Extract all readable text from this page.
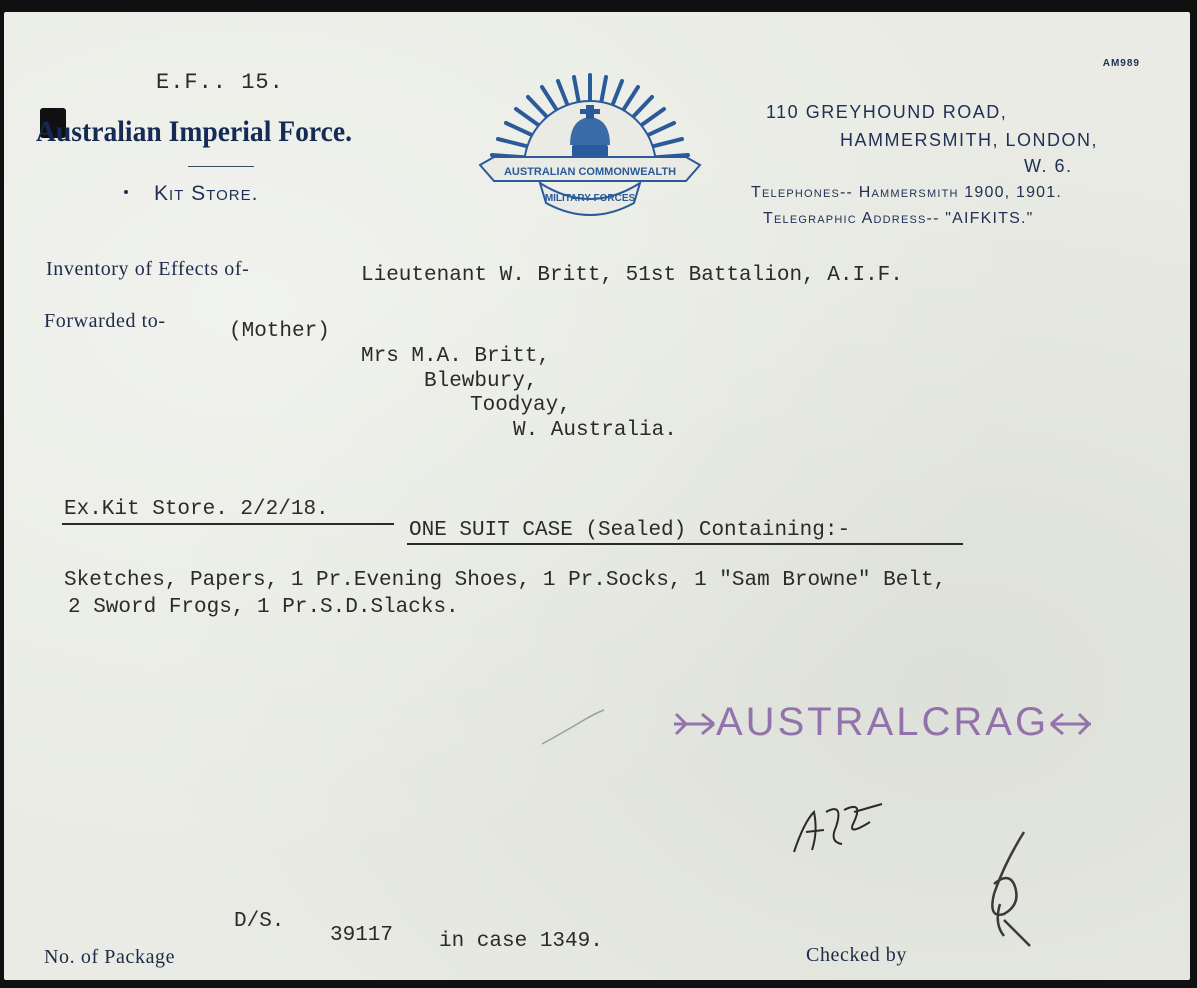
E.F.. 15.
AM989
Australian Imperial Force.
Kit Store.
AUSTRALIAN COMMONWEALTH
MILITARY FORCES
110 GREYHOUND ROAD,
HAMMERSMITH, LONDON,
W. 6.
Telephones-- Hammersmith 1900, 1901.
Telegraphic Address-- "AIFKITS."
Inventory of Effects of-	Lieutenant W. Britt, 51st Battalion, A.I.F.
Forwarded to-	(Mother)
Mrs M.A. Britt,
Blewbury,
Toodyay,
W. Australia.
Ex.Kit Store. 2/2/18.
ONE SUIT CASE (Sealed) Containing:-
Sketches, Papers, 1 Pr.Evening Shoes, 1 Pr.Socks, 1 "Sam Browne" Belt,
2 Sword Frogs, 1 Pr.S.D.Slacks.
AUSTRALCRAG
No. of Package
D/S.
39117 in case 1349.
Checked by
